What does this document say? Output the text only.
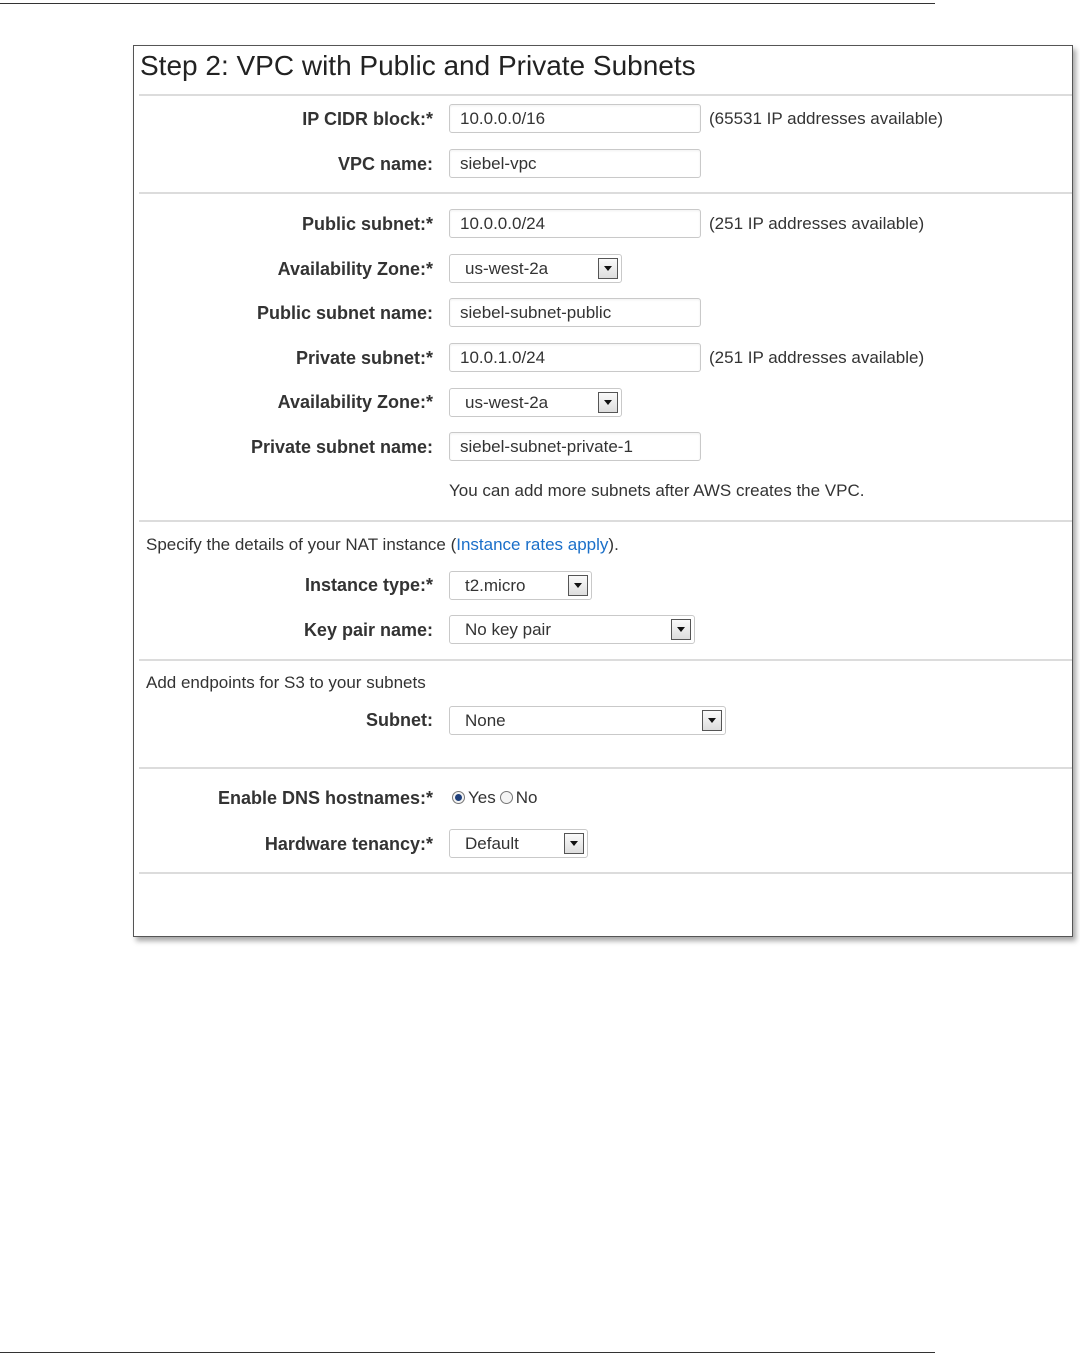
Step 2: VPC with Public and Private Subnets
IP CIDR block:*
10.0.0.0/16	(65531 IP addresses available)
VPC name:
siebel-vpc
Public subnet:*
10.0.0.0/24	(251 IP addresses available)
Availability Zone:*	us-west-2a
Public subnet name:
siebel-subnet-public
Private subnet:*
10.0.1.0/24	(251 IP addresses available)
Availability Zone:*	us-west-2a
Private subnet name:
siebel-subnet-private-1
You can add more subnets after AWS creates the VPC.
Specify the details of your NAT instance (Instance rates apply).
Instance type:*	t2.micro
Key pair name:	No key pair
Add endpoints for S3 to your subnets
Subnet:	None
Enable DNS hostnames:*	Yes No
Hardware tenancy:*	Default
